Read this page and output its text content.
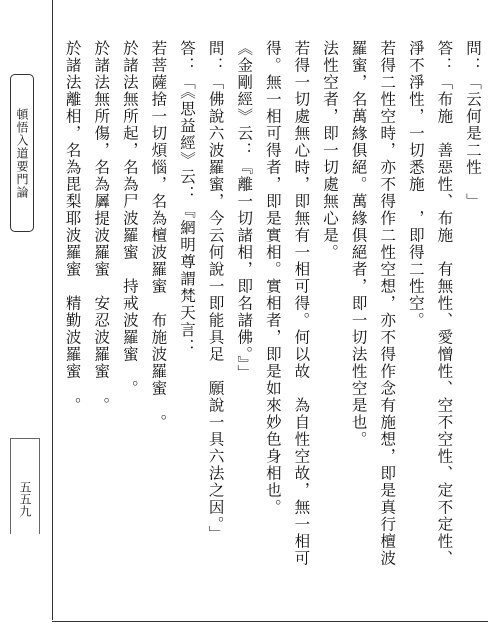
頓悟入道要門論
五五九
問：「云何是二性　」
答：「布施　善惡性、布施　有無性、愛憎性、空不空性、定不定性、
淨不淨性，一切悉施　，即得二性空。
若得二性空時，亦不得作二性空想，亦不得作念有施想，即是真行檀波
羅蜜，名萬緣俱絕。萬緣俱絕者，即一切法性空是也。
法性空者，即一切處無心是。
若得一切處無心時，即無有一相可得。何以故　為自性空故，無一相可
得。無一相可得者，即是實相。實相者，即是如來妙色身相也。
《金剛經》云：『離一切諸相，即名諸佛。』」
問：「佛說六波羅蜜，今云何說一即能具足　願說一具六法之因。」
答：「《思益經》云：『網明尊謂梵天言：
若菩薩捨一切煩惱，名為檀波羅蜜　布施波羅蜜　。
於諸法無所起，名為尸波羅蜜　持戒波羅蜜　。
於諸法無所傷，名為羼提波羅蜜　安忍波羅蜜　。
於諸法離相，名為毘梨耶波羅蜜　精勤波羅蜜　。
